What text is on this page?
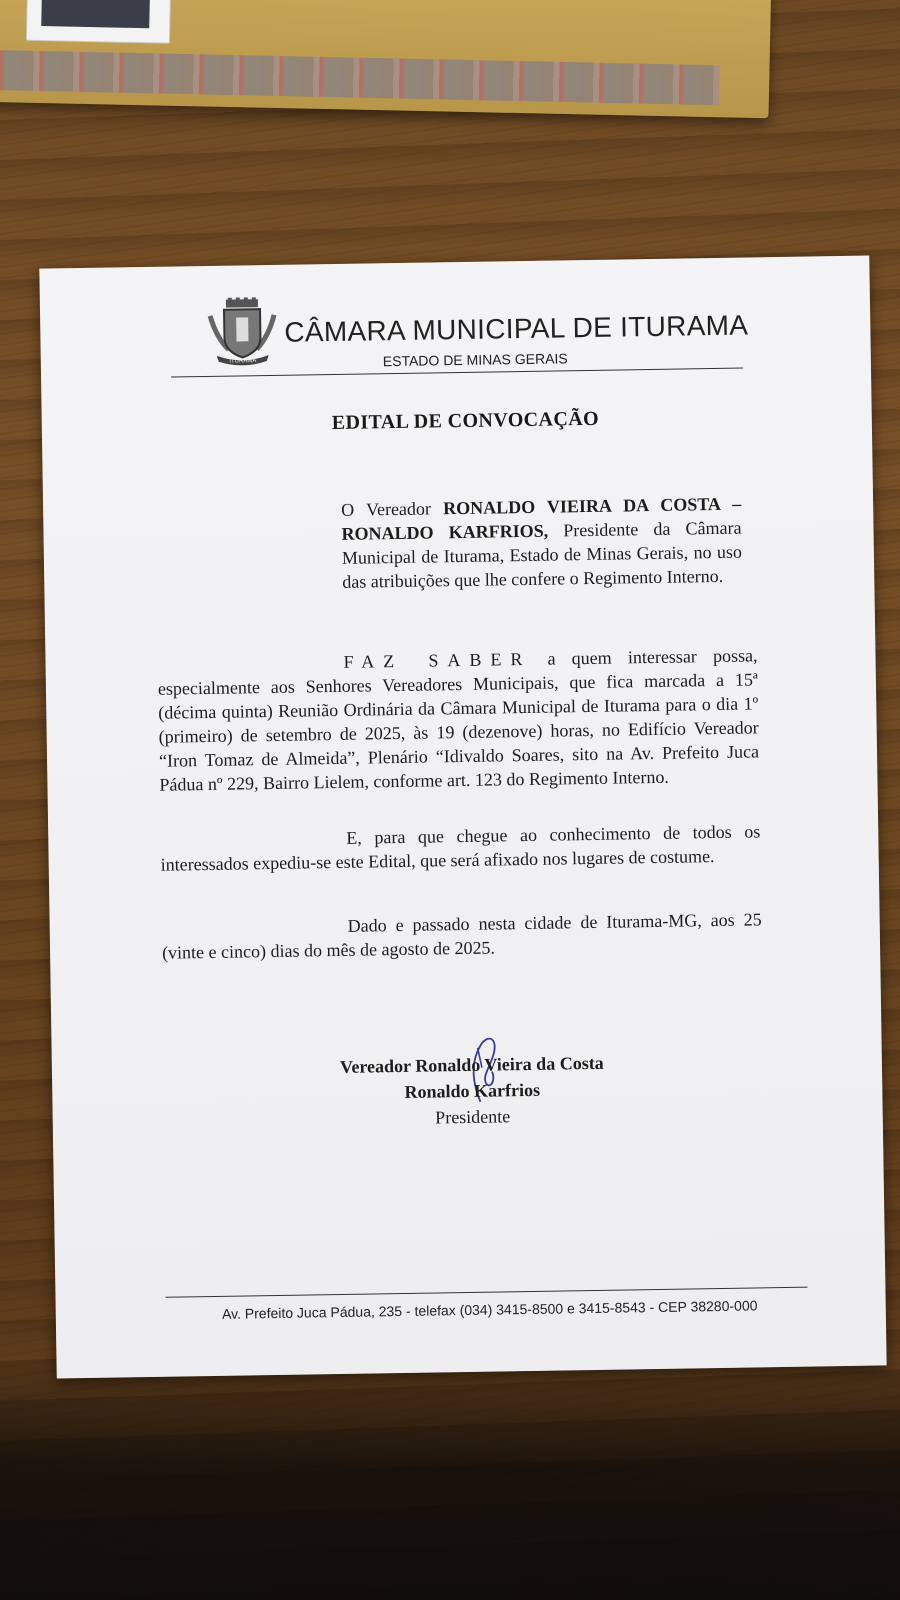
ITURAMA
CÂMARA MUNICIPAL DE ITURAMA
ESTADO DE MINAS GERAIS
EDITAL DE CONVOCAÇÃO
O Vereador RONALDO VIEIRA DA COSTA – RONALDO KARFRIOS, Presidente da Câmara Municipal de Iturama, Estado de Minas Gerais, no uso das atribuições que lhe confere o Regimento Interno.
FAZ SABER a quem interessar possa, especialmente aos Senhores Vereadores Municipais, que fica marcada a 15ª (décima quinta) Reunião Ordinária da Câmara Municipal de Iturama para o dia 1º (primeiro) de setembro de 2025, às 19 (dezenove) horas, no Edifício Vereador “Iron Tomaz de Almeida”, Plenário “Idivaldo Soares, sito na Av. Prefeito Juca Pádua nº 229, Bairro Lielem, conforme art. 123 do Regimento Interno.
E, para que chegue ao conhecimento de todos os interessados expediu-se este Edital, que será afixado nos lugares de costume.
Dado e passado nesta cidade de Iturama-MG, aos 25 (vinte e cinco) dias do mês de agosto de 2025.
Vereador Ronaldo Vieira da Costa
Ronaldo Karfrios
Presidente
Av. Prefeito Juca Pádua, 235 - telefax (034) 3415-8500 e 3415-8543 - CEP 38280-000
